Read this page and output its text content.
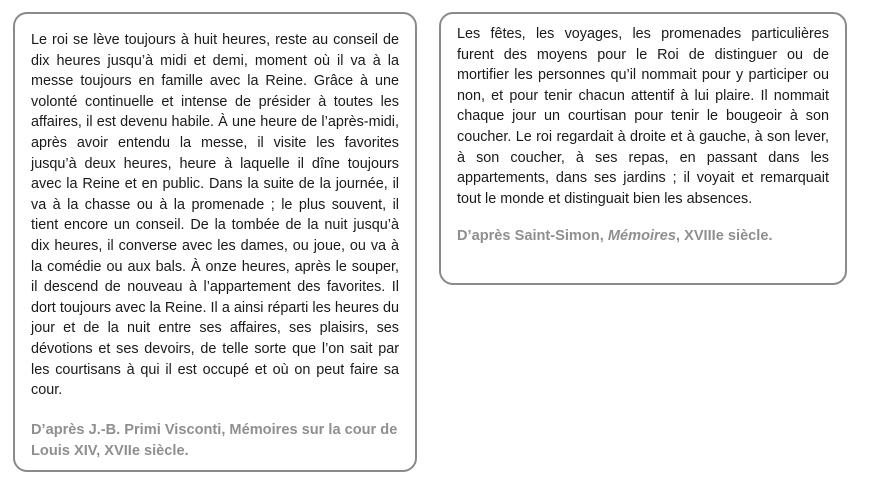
Le roi se lève toujours à huit heures, reste au conseil de dix heures jusqu’à midi et demi, moment où il va à la messe toujours en famille avec la Reine. Grâce à une volonté continuelle et intense de présider à toutes les affaires, il est devenu habile. À une heure de l’après-midi, après avoir entendu la messe, il visite les favorites jusqu’à deux heures, heure à laquelle il dîne toujours avec la Reine et en public. Dans la suite de la journée, il va à la chasse ou à la promenade ; le plus souvent, il tient encore un conseil. De la tombée de la nuit jusqu’à dix heures, il converse avec les dames, ou joue, ou va à la comédie ou aux bals. À onze heures, après le souper, il descend de nouveau à l’appartement des favorites. Il dort toujours avec la Reine. Il a ainsi réparti les heures du jour et de la nuit entre ses affaires, ses plaisirs, ses dévotions et ses devoirs, de telle sorte que l’on sait par les courtisans à qui il est occupé et où on peut faire sa cour.

D’après J.-B. Primi Visconti, Mémoires sur la cour de Louis XIV, XVIIe siècle.

Les fêtes, les voyages, les promenades particulières furent des moyens pour le Roi de distinguer ou de mortifier les personnes qu’il nommait pour y participer ou non, et pour tenir chacun attentif à lui plaire. Il nommait chaque jour un courtisan pour tenir le bougeoir à son coucher. Le roi regardait à droite et à gauche, à son lever, à son coucher, à ses repas, en passant dans les appartements, dans ses jardins ; il voyait et remarquait tout le monde et distinguait bien les absences.

D’après Saint-Simon, Mémoires, XVIIIe siècle.
